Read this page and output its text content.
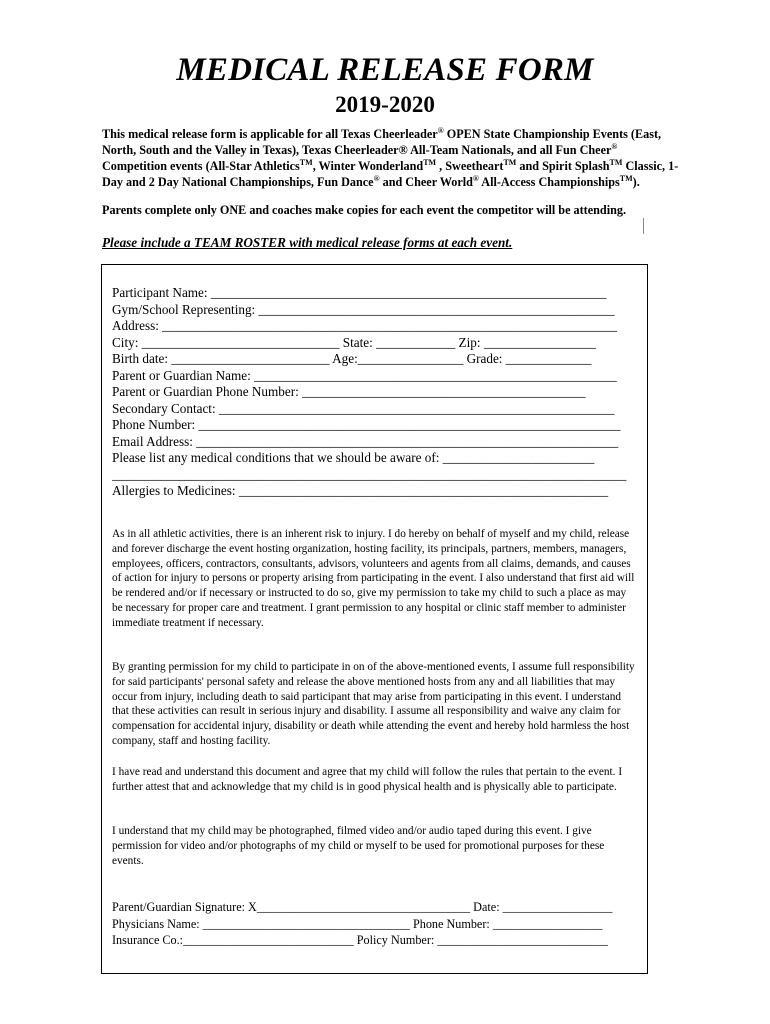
MEDICAL RELEASE FORM
2019-2020
This medical release form is applicable for all Texas Cheerleader® OPEN State Championship Events (East, North, South and the Valley in Texas), Texas Cheerleader® All-Team Nationals, and all Fun Cheer® Competition events (All-Star Athletics™, Winter Wonderland™ , Sweetheart™ and Spirit Splash™ Classic, 1-Day and 2 Day National Championships, Fun Dance® and Cheer World® All-Access Championships™).
Parents complete only ONE and coaches make copies for each event the competitor will be attending.
Please include a TEAM ROSTER with medical release forms at each event.
Participant Name: ____________________________________________________________
Gym/School Representing: ______________________________________________________
Address: _____________________________________________________________________
City: ______________________________ State: ____________ Zip: _________________
Birth date: ________________________ Age:________________ Grade: _____________
Parent or Guardian Name: _______________________________________________________
Parent or Guardian Phone Number: ___________________________________________
Secondary Contact: ____________________________________________________________
Phone Number: ________________________________________________________________
Email Address: ________________________________________________________________
Please list any medical conditions that we should be aware of: _______________________
______________________________________________________________________________
Allergies to Medicines: ________________________________________________________
As in all athletic activities, there is an inherent risk to injury. I do hereby on behalf of myself and my child, release and forever discharge the event hosting organization, hosting facility, its principals, partners, members, managers, employees, officers, contractors, consultants, advisors, volunteers and agents from all claims, demands, and causes of action for injury to persons or property arising from participating in the event. I also understand that first aid will be rendered and/or if necessary or instructed to do so, give my permission to take my child to such a place as may be necessary for proper care and treatment. I grant permission to any hospital or clinic staff member to administer immediate treatment if necessary.
By granting permission for my child to participate in on of the above-mentioned events, I assume full responsibility for said participants' personal safety and release the above mentioned hosts from any and all liabilities that may occur from injury, including death to said participant that may arise from participating in this event. I understand that these activities can result in serious injury and disability. I assume all responsibility and waive any claim for compensation for accidental injury, disability or death while attending the event and hereby hold harmless the host company, staff and hosting facility.
I have read and understand this document and agree that my child will follow the rules that pertain to the event. I further attest that and acknowledge that my child is in good physical health and is physically able to participate.
I understand that my child may be photographed, filmed video and/or audio taped during this event. I give permission for video and/or photographs of my child or myself to be used for promotional purposes for these events.
Parent/Guardian Signature: X___________________________________ Date: __________________
Physicians Name: __________________________________ Phone Number: __________________
Insurance Co.:____________________________ Policy Number: ____________________________
